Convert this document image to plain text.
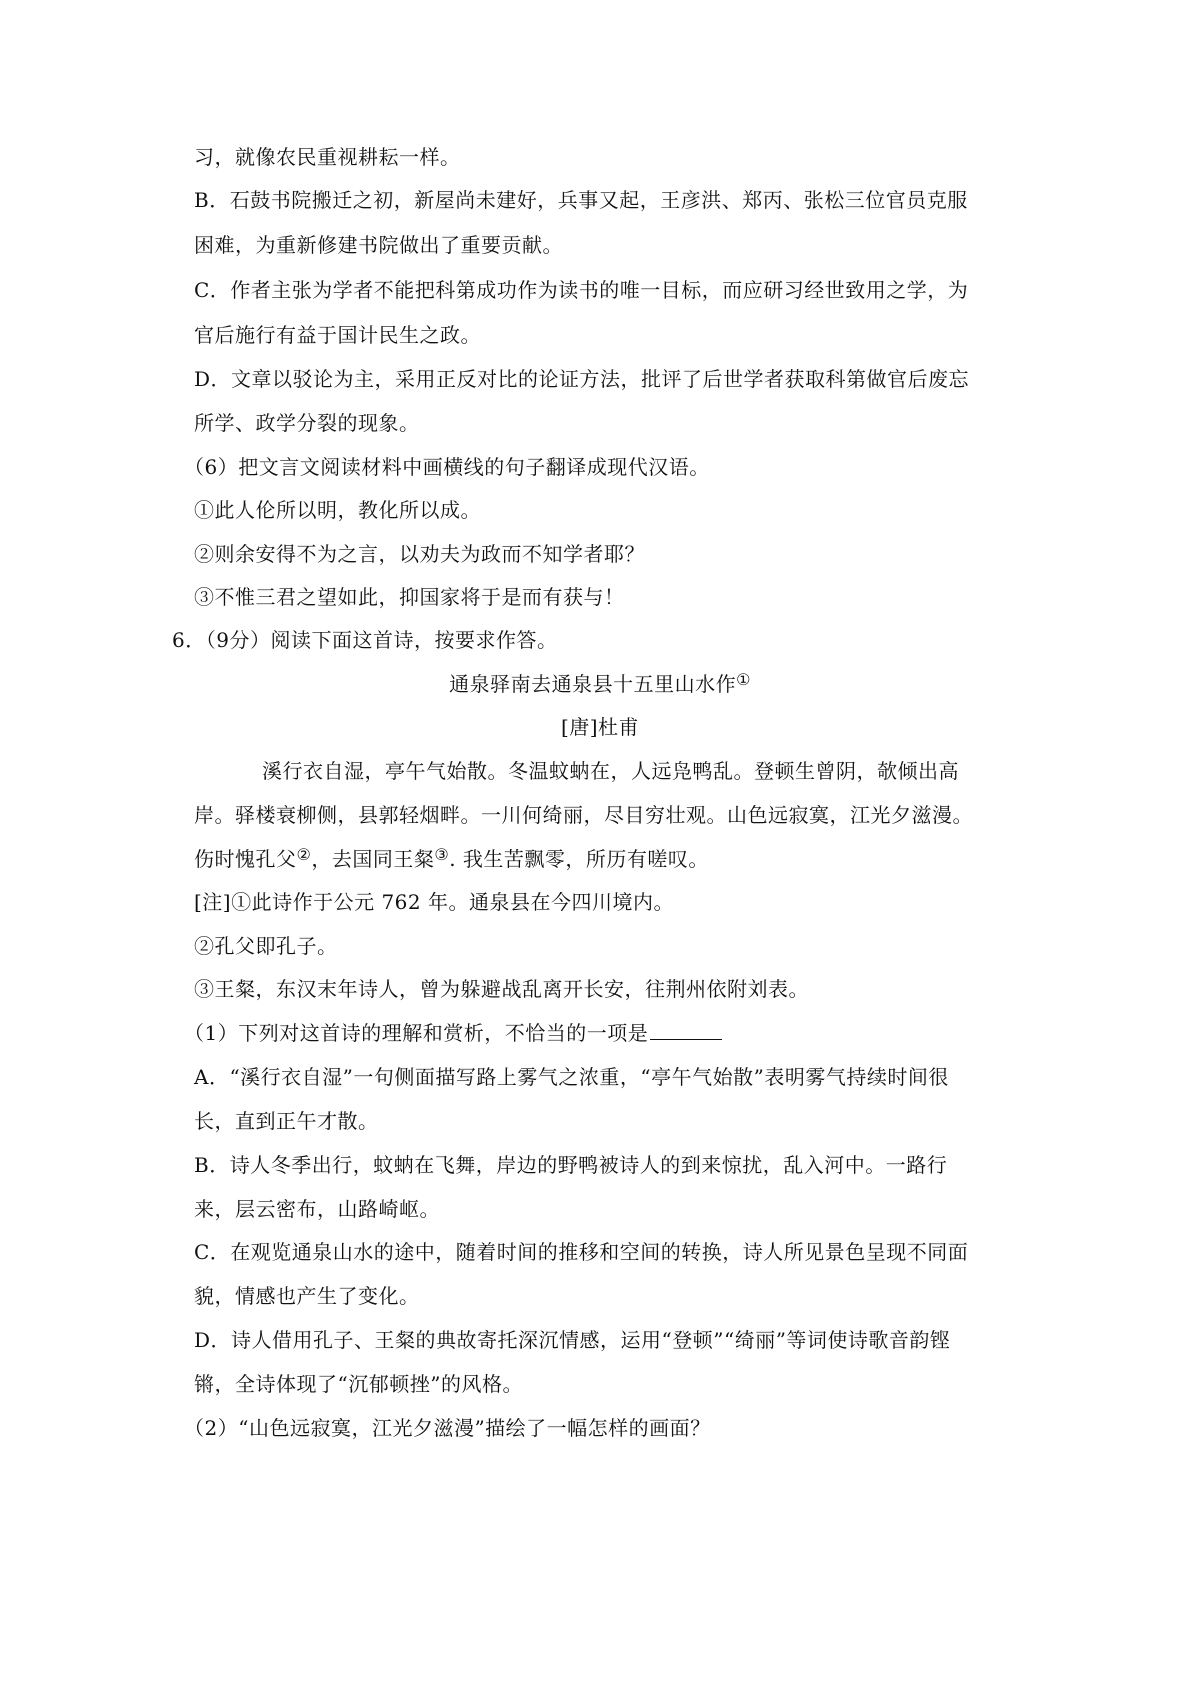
习，就像农民重视耕耘一样。
B．石鼓书院搬迁之初，新屋尚未建好，兵事又起，王彦洪、郑丙、张松三位官员克服
困难，为重新修建书院做出了重要贡献。
C．作者主张为学者不能把科第成功作为读书的唯一目标，而应研习经世致用之学，为
官后施行有益于国计民生之政。
D．文章以驳论为主，采用正反对比的论证方法，批评了后世学者获取科第做官后废忘
所学、政学分裂的现象。
（6）把文言文阅读材料中画横线的句子翻译成现代汉语。
①此人伦所以明，教化所以成。
②则余安得不为之言，以劝夫为政而不知学者耶？
③不惟三君之望如此，抑国家将于是而有获与！
6．（9分）阅读下面这首诗，按要求作答。
通泉驿南去通泉县十五里山水作①
[唐]杜甫
溪行衣自湿，亭午气始散。冬温蚊蚋在，人远凫鸭乱。登顿生曾阴，欹倾出高
岸。驿楼衰柳侧，县郭轻烟畔。一川何绮丽，尽目穷壮观。山色远寂寞，江光夕滋漫。
伤时愧孔父②，去国同王粲③. 我生苦飘零，所历有嗟叹。
[注]①此诗作于公元 762 年。通泉县在今四川境内。
②孔父即孔子。
③王粲，东汉末年诗人，曾为躲避战乱离开长安，往荆州依附刘表。
（1）下列对这首诗的理解和赏析，不恰当的一项是
A．“溪行衣自湿”一句侧面描写路上雾气之浓重，“亭午气始散”表明雾气持续时间很
长，直到正午才散。
B．诗人冬季出行，蚊蚋在飞舞，岸边的野鸭被诗人的到来惊扰，乱入河中。一路行
来，层云密布，山路崎岖。
C．在观览通泉山水的途中，随着时间的推移和空间的转换，诗人所见景色呈现不同面
貌，情感也产生了变化。
D．诗人借用孔子、王粲的典故寄托深沉情感，运用“登顿”“绮丽”等词使诗歌音韵铿
锵，全诗体现了“沉郁顿挫”的风格。
（2）“山色远寂寞，江光夕滋漫”描绘了一幅怎样的画面？
